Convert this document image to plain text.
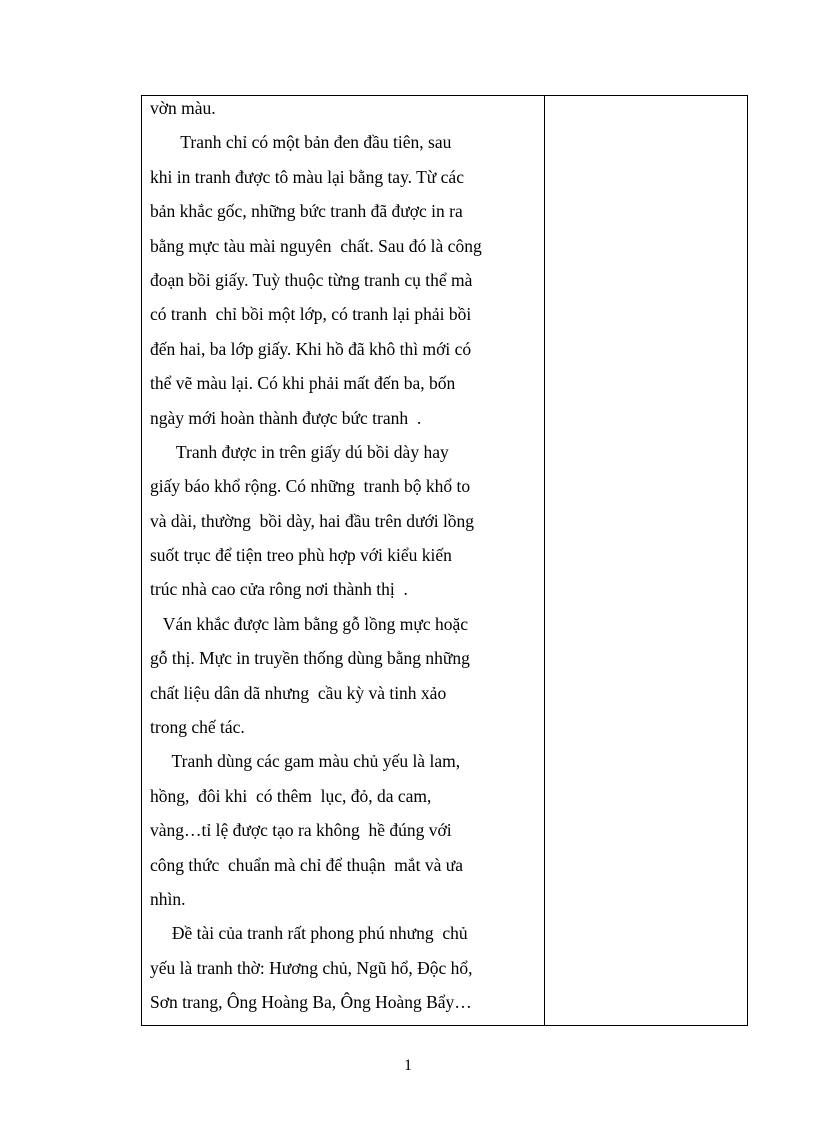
vờn màu.
Tranh chỉ có một bản đen đầu tiên, sau
khi in tranh được tô màu lại bằng tay. Từ các
bản khắc gốc, những bức tranh đã được in ra
bằng mực tàu mài nguyên  chất. Sau đó là công
đoạn bồi giấy. Tuỳ thuộc từng tranh cụ thể mà
có tranh  chỉ bồi một lớp, có tranh lại phải bồi
đến hai, ba lớp giấy. Khi hồ đã khô thì mới có
thể vẽ màu lại. Có khi phải mất đến ba, bốn
ngày mới hoàn thành được bức tranh  .
Tranh được in trên giấy dú bồi dày hay
giấy báo khổ rộng. Có những  tranh bộ khổ to
và dài, thường  bồi dày, hai đầu trên dưới lồng
suốt trục để tiện treo phù hợp với kiểu kiến
trúc nhà cao cửa rông nơi thành thị  .
Ván khắc được làm bằng gỗ lồng mực hoặc
gỗ thị. Mực in truyền thống dùng bằng những
chất liệu dân dã nhưng  cầu kỳ và tinh xảo
trong chế tác.
Tranh dùng các gam màu chủ yếu là lam,
hồng,  đôi khi  có thêm  lục, đỏ, da cam,
vàng…tỉ lệ được tạo ra không  hề đúng với
công thức  chuẩn mà chỉ để thuận  mắt và ưa
nhìn.
Đề tài của tranh rất phong phú nhưng  chủ
yếu là tranh thờ: Hương chủ, Ngũ hổ, Độc hổ,
Sơn trang, Ông Hoàng Ba, Ông Hoàng Bẩy…
1
